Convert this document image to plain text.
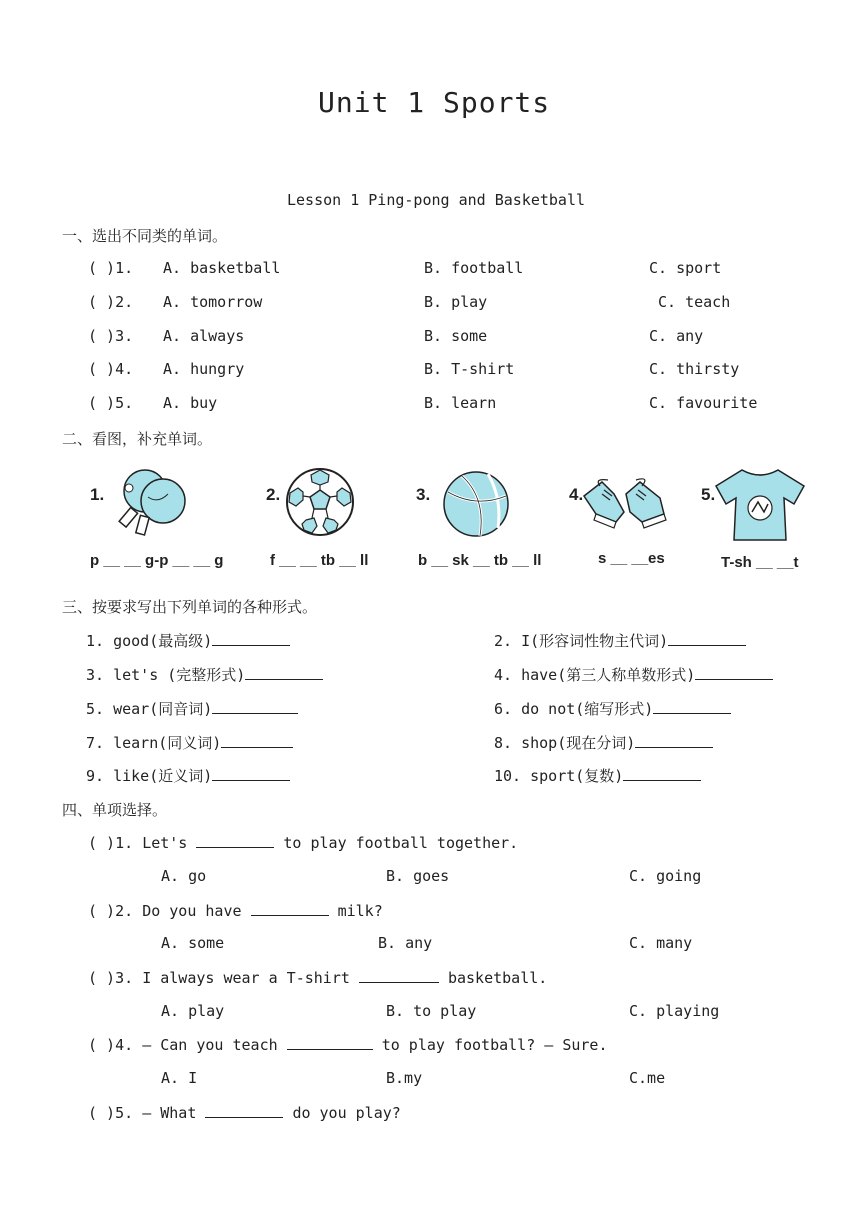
Unit 1 Sports
Lesson 1 Ping-pong and Basketball
一、选出不同类的单词。
( )1. A. basketball	B. football	C. sport
( )2. A. tomorrow	B. play	C. teach
( )3. A. always	B. some	C. any
( )4. A. hungry	B. T-shirt	C. thirsty
( )5. A. buy	B. learn	C. favourite
二、看图，补充单词。
1.
p __ __ g-p __ __ g
2.
f __ __ tb __ ll
3.
b __ sk __ tb __ ll
4.
s __ __es
5.
T-sh __ __t
三、按要求写出下列单词的各种形式。
1. good(最高级)	2. I(形容词性物主代词)
3. let's (完整形式)	4. have(第三人称单数形式)
5. wear(同音词)	6. do not(缩写形式)
7. learn(同义词)	8. shop(现在分词)
9. like(近义词)	10. sport(复数)
四、单项选择。
( )1. Let's	to play football together.
A. go	B. goes	C. going
( )2. Do you have	milk?
A. some	B. any	C. many
( )3. I always wear a T-shirt	basketball.
A. play	B. to play	C. playing
( )4. — Can you teach	to play football? — Sure.
A. I	B.my	C.me
( )5. — What	do you play?
